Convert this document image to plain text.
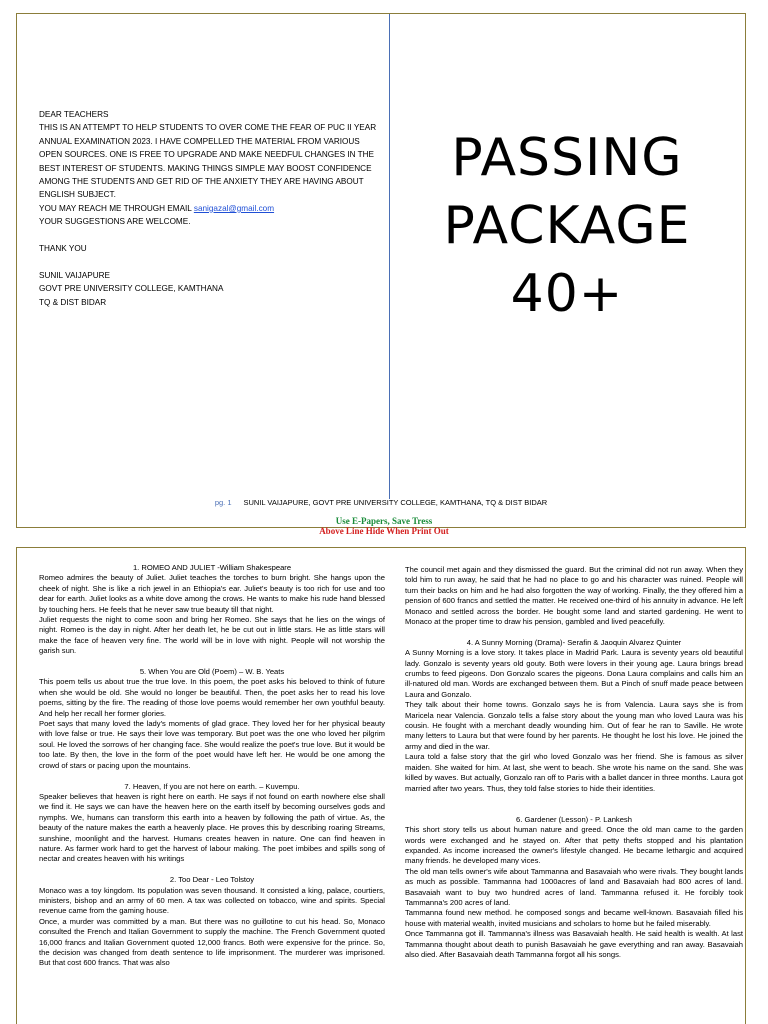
DEAR TEACHERS

THIS IS AN ATTEMPT TO HELP STUDENTS TO OVER COME THE FEAR OF PUC II YEAR ANNUAL EXAMINATION 2023. I HAVE COMPELLED THE MATERIAL FROM VARIOUS OPEN SOURCES. ONE IS FREE TO UPGRADE AND MAKE NEEDFUL CHANGES IN THE BEST INTEREST OF STUDENTS. MAKING THINGS SIMPLE MAY BOOST CONFIDENCE AMONG THE STUDENTS AND GET RID OF THE ANXIETY THEY ARE HAVING ABOUT ENGLISH SUBJECT.

YOU MAY REACH ME THROUGH EMAIL sanigazal@gmail.com

YOUR SUGGESTIONS ARE WELCOME.

THANK YOU

SUNIL VAIJAPURE

GOVT PRE UNIVERSITY COLLEGE, KAMTHANA

TQ & DIST BIDAR

PASSING
PACKAGE
40+
pg. 1 SUNIL VAIJAPURE, GOVT PRE UNIVERSITY COLLEGE, KAMTHANA, TQ & DIST BIDAR
Use E-Papers, Save Tress
Above Line Hide When Print Out

1. ROMEO AND JULIET -William Shakespeare

Romeo admires the beauty of Juliet. Juliet teaches the torches to burn bright. She hangs upon the cheek of night. She is like a rich jewel in an Ethiopia's ear. Juliet's beauty is too rich for use and too dear for earth. Juliet looks as a white dove among the crows. He wants to make his rude hand blessed by touching hers. He feels that he never saw true beauty till that night.

Juliet requests the night to come soon and bring her Romeo. She says that he lies on the wings of night. Romeo is the day in night. After her death let, he be cut out in little stars. He as little stars will make the face of heaven very fine. The world will be in love with night. People will not worship the garish sun.

5. When You are Old (Poem) – W. B. Yeats

This poem tells us about true the true love. In this poem, the poet asks his beloved to think of future when she would be old. She would no longer be beautiful. Then, the poet asks her to read his love poems, sitting by the fire. The reading of those love poems would remember her own youthful beauty. And help her recall her former glories.

Poet says that many loved the lady's moments of glad grace. They loved her for her physical beauty with love false or true. He says their love was temporary. But poet was the one who loved her pilgrim soul. He loved the sorrows of her changing face. She would realize the poet's true love. But it would be too late. By then, the love in the form of the poet would have left her. He would be one among the crowd of stars or pacing upon the mountains.

7. Heaven, If you are not here on earth. – Kuvempu.

Speaker believes that heaven is right here on earth. He says if not found on earth nowhere else shall we find it. He says we can have the heaven here on the earth itself by becoming ourselves gods and nymphs. We, humans can transform this earth into a heaven by following the path of virtue. As, the beauty of the nature makes the earth a heavenly place. He proves this by describing roaring Streams, sunshine, moonlight and the harvest. Humans creates heaven in nature. One can find heaven in nature. As farmer work hard to get the harvest of labour making. The poet imbibes and spills song of nectar and creates heaven with his writings

2. Too Dear - Leo Tolstoy

Monaco was a toy kingdom. Its population was seven thousand. It consisted a king, palace, courtiers, ministers, bishop and an army of 60 men. A tax was collected on tobacco, wine and spirits. Special revenue came from the gaming house.

Once, a murder was committed by a man. But there was no guillotine to cut his head. So, Monaco consulted the French and Italian Government to supply the machine. The French Government quoted 16,000 francs and Italian Government quoted 12,000 francs. Both were expensive for the prince. So, the decision was changed from death sentence to life imprisonment. The murderer was imprisoned. But that cost 600 francs. That was also

The council met again and they dismissed the guard. But the criminal did not run away. When they told him to run away, he said that he had no place to go and his character was ruined. People will turn their backs on him and he had also forgotten the way of working. Finally, the they offered him a pension of 600 francs and settled the matter. He received one-third of his annuity in advance. He left Monaco and settled across the border. He bought some land and started gardening. He went to Monaco at the proper time to draw his pension, gambled and lived peacefully.

4. A Sunny Morning (Drama)- Serafin & Jaoquin Alvarez Quinter

A Sunny Morning is a love story. It takes place in Madrid Park. Laura is seventy years old beautiful lady. Gonzalo is seventy years old gouty. Both were lovers in their young age. Laura brings bread crumbs to feed pigeons. Don Gonzalo scares the pigeons. Dona Laura complains and calls him an ill-natured old man. Words are exchanged between them. But a Pinch of snuff made peace between Laura and Gonzalo.

They talk about their home towns. Gonzalo says he is from Valencia. Laura says she is from Maricela near Valencia. Gonzalo tells a false story about the young man who loved Laura was his cousin. He fought with a merchant deadly wounding him. Out of fear he ran to Saville. He wrote many letters to Laura but that were found by her parents. He thought he lost his love. He joined the army and died in the war.

Laura told a false story that the girl who loved Gonzalo was her friend. She is famous as silver maiden. She waited for him. At last, she went to beach. She wrote his name on the sand. She was killed by waves. But actually, Gonzalo ran off to Paris with a ballet dancer in three months. Laura got married after two years. Thus, they told false stories to hide their identities.

6. Gardener (Lesson) - P. Lankesh

This short story tells us about human nature and greed. Once the old man came to the garden words were exchanged and he stayed on. After that petty thefts stopped and his plantation expanded. As income increased the owner's lifestyle changed. He became lethargic and acquired many friends. he developed many vices.

The old man tells owner's wife about Tammanna and Basavaiah who were rivals. They bought lands as much as possible. Tammanna had 1000acres of land and Basavaiah had 800 acres of land. Basavaiah want to buy two hundred acres of land. Tammanna refused it. He forcibly took Tammanna's 200 acres of land.

Tammanna found new method. he composed songs and became well-known. Basavaiah filled his house with material wealth, invited musicians and scholars to home but he failed miserably.

Once Tammanna got ill. Tammanna's illness was Basavaiah health. He said health is wealth. At last Tammanna thought about death to punish Basavaiah he gave everything and ran away. Basavaiah also died. After Basavaiah death Tammanna forgot all his songs.
